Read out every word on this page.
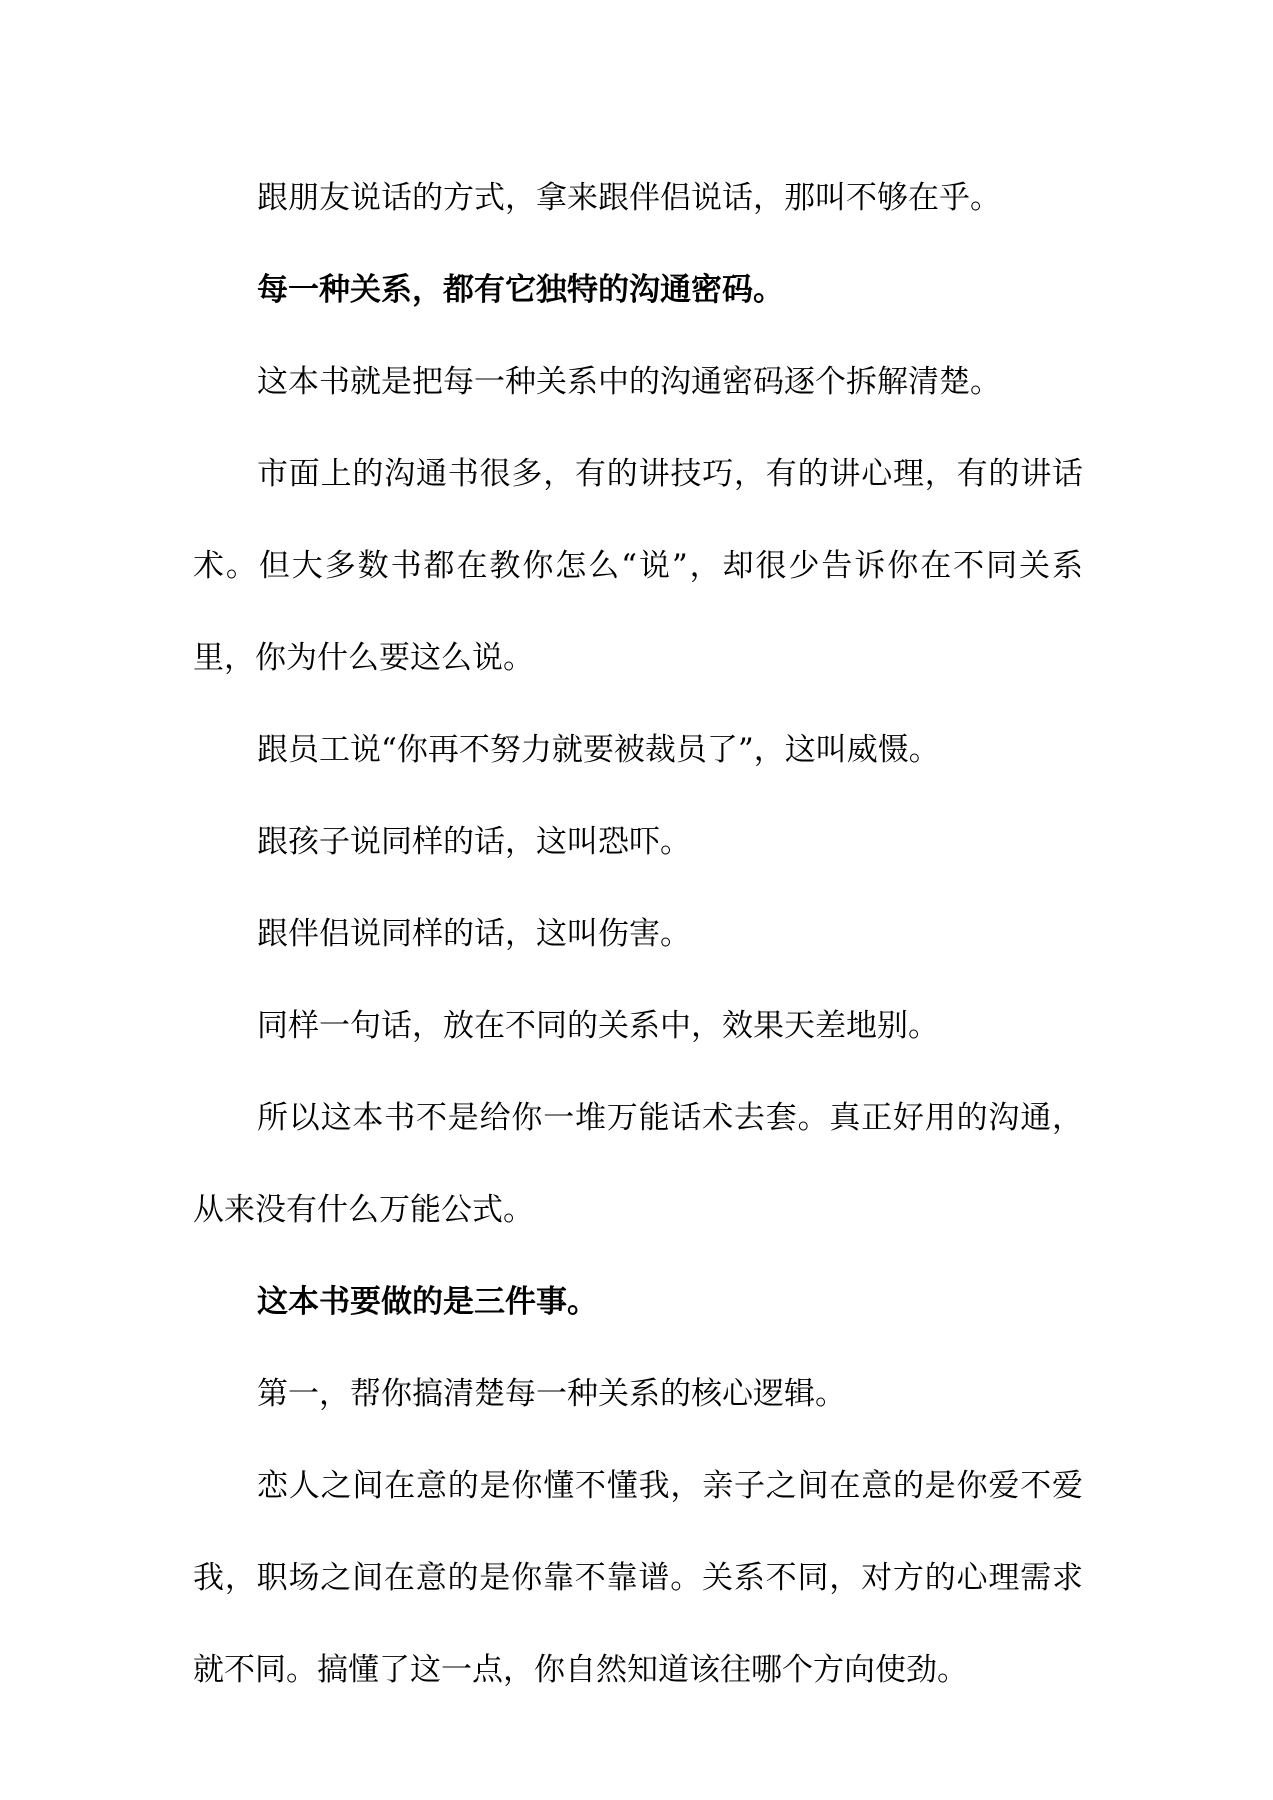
跟朋友说话的方式，拿来跟伴侣说话，那叫不够在乎。

每一种关系，都有它独特的沟通密码。

这本书就是把每一种关系中的沟通密码逐个拆解清楚。

市面上的沟通书很多，有的讲技巧，有的讲心理，有的讲话术。但大多数书都在教你怎么“说”，却很少告诉你在不同关系里，你为什么要这么说。

跟员工说“你再不努力就要被裁员了”，这叫威慑。

跟孩子说同样的话，这叫恐吓。

跟伴侣说同样的话，这叫伤害。

同样一句话，放在不同的关系中，效果天差地别。

所以这本书不是给你一堆万能话术去套。真正好用的沟通，从来没有什么万能公式。

这本书要做的是三件事。

第一，帮你搞清楚每一种关系的核心逻辑。

恋人之间在意的是你懂不懂我，亲子之间在意的是你爱不爱我，职场之间在意的是你靠不靠谱。关系不同，对方的心理需求就不同。搞懂了这一点，你自然知道该往哪个方向使劲。
